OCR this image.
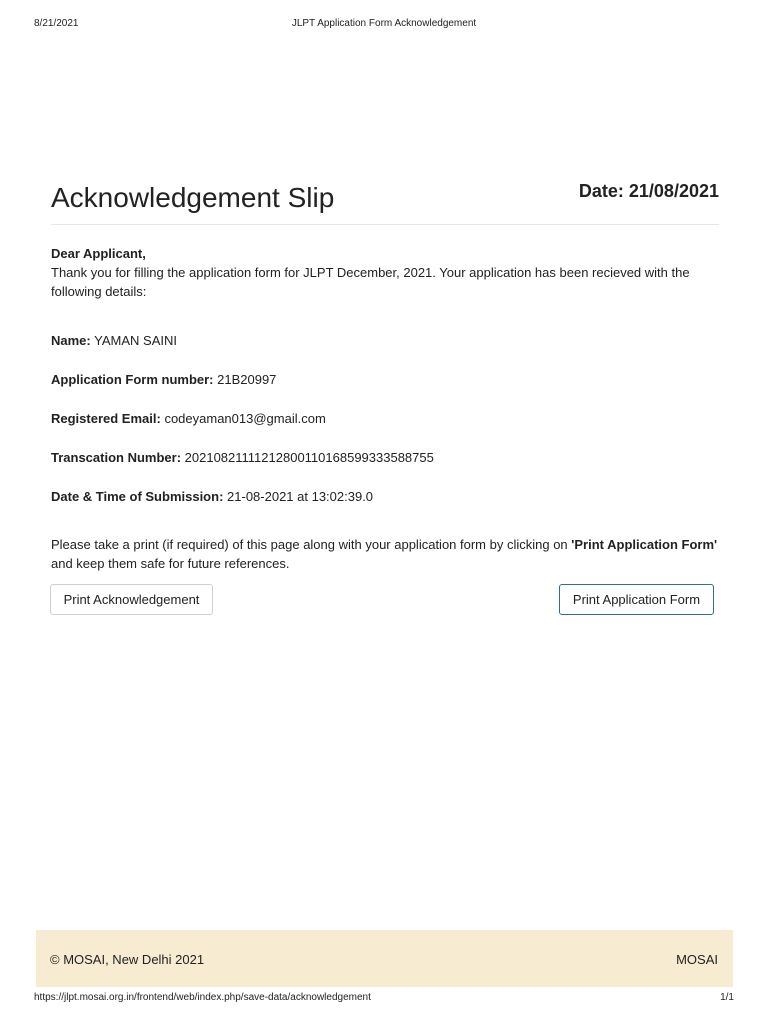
8/21/2021	JLPT Application Form Acknowledgement
Acknowledgement Slip	Date: 21/08/2021
Dear Applicant,
Thank you for filling the application form for JLPT December, 2021. Your application has been recieved with the following details:
Name: YAMAN SAINI
Application Form number: 21B20997
Registered Email: codeyaman013@gmail.com
Transcation Number: 20210821111212800110168599333588755
Date & Time of Submission: 21-08-2021 at 13:02:39.0
Please take a print (if required) of this page along with your application form by clicking on 'Print Application Form' and keep them safe for future references.
Print Acknowledgement	Print Application Form
© MOSAI, New Delhi 2021	MOSAI
https://jlpt.mosai.org.in/frontend/web/index.php/save-data/acknowledgement	1/1
